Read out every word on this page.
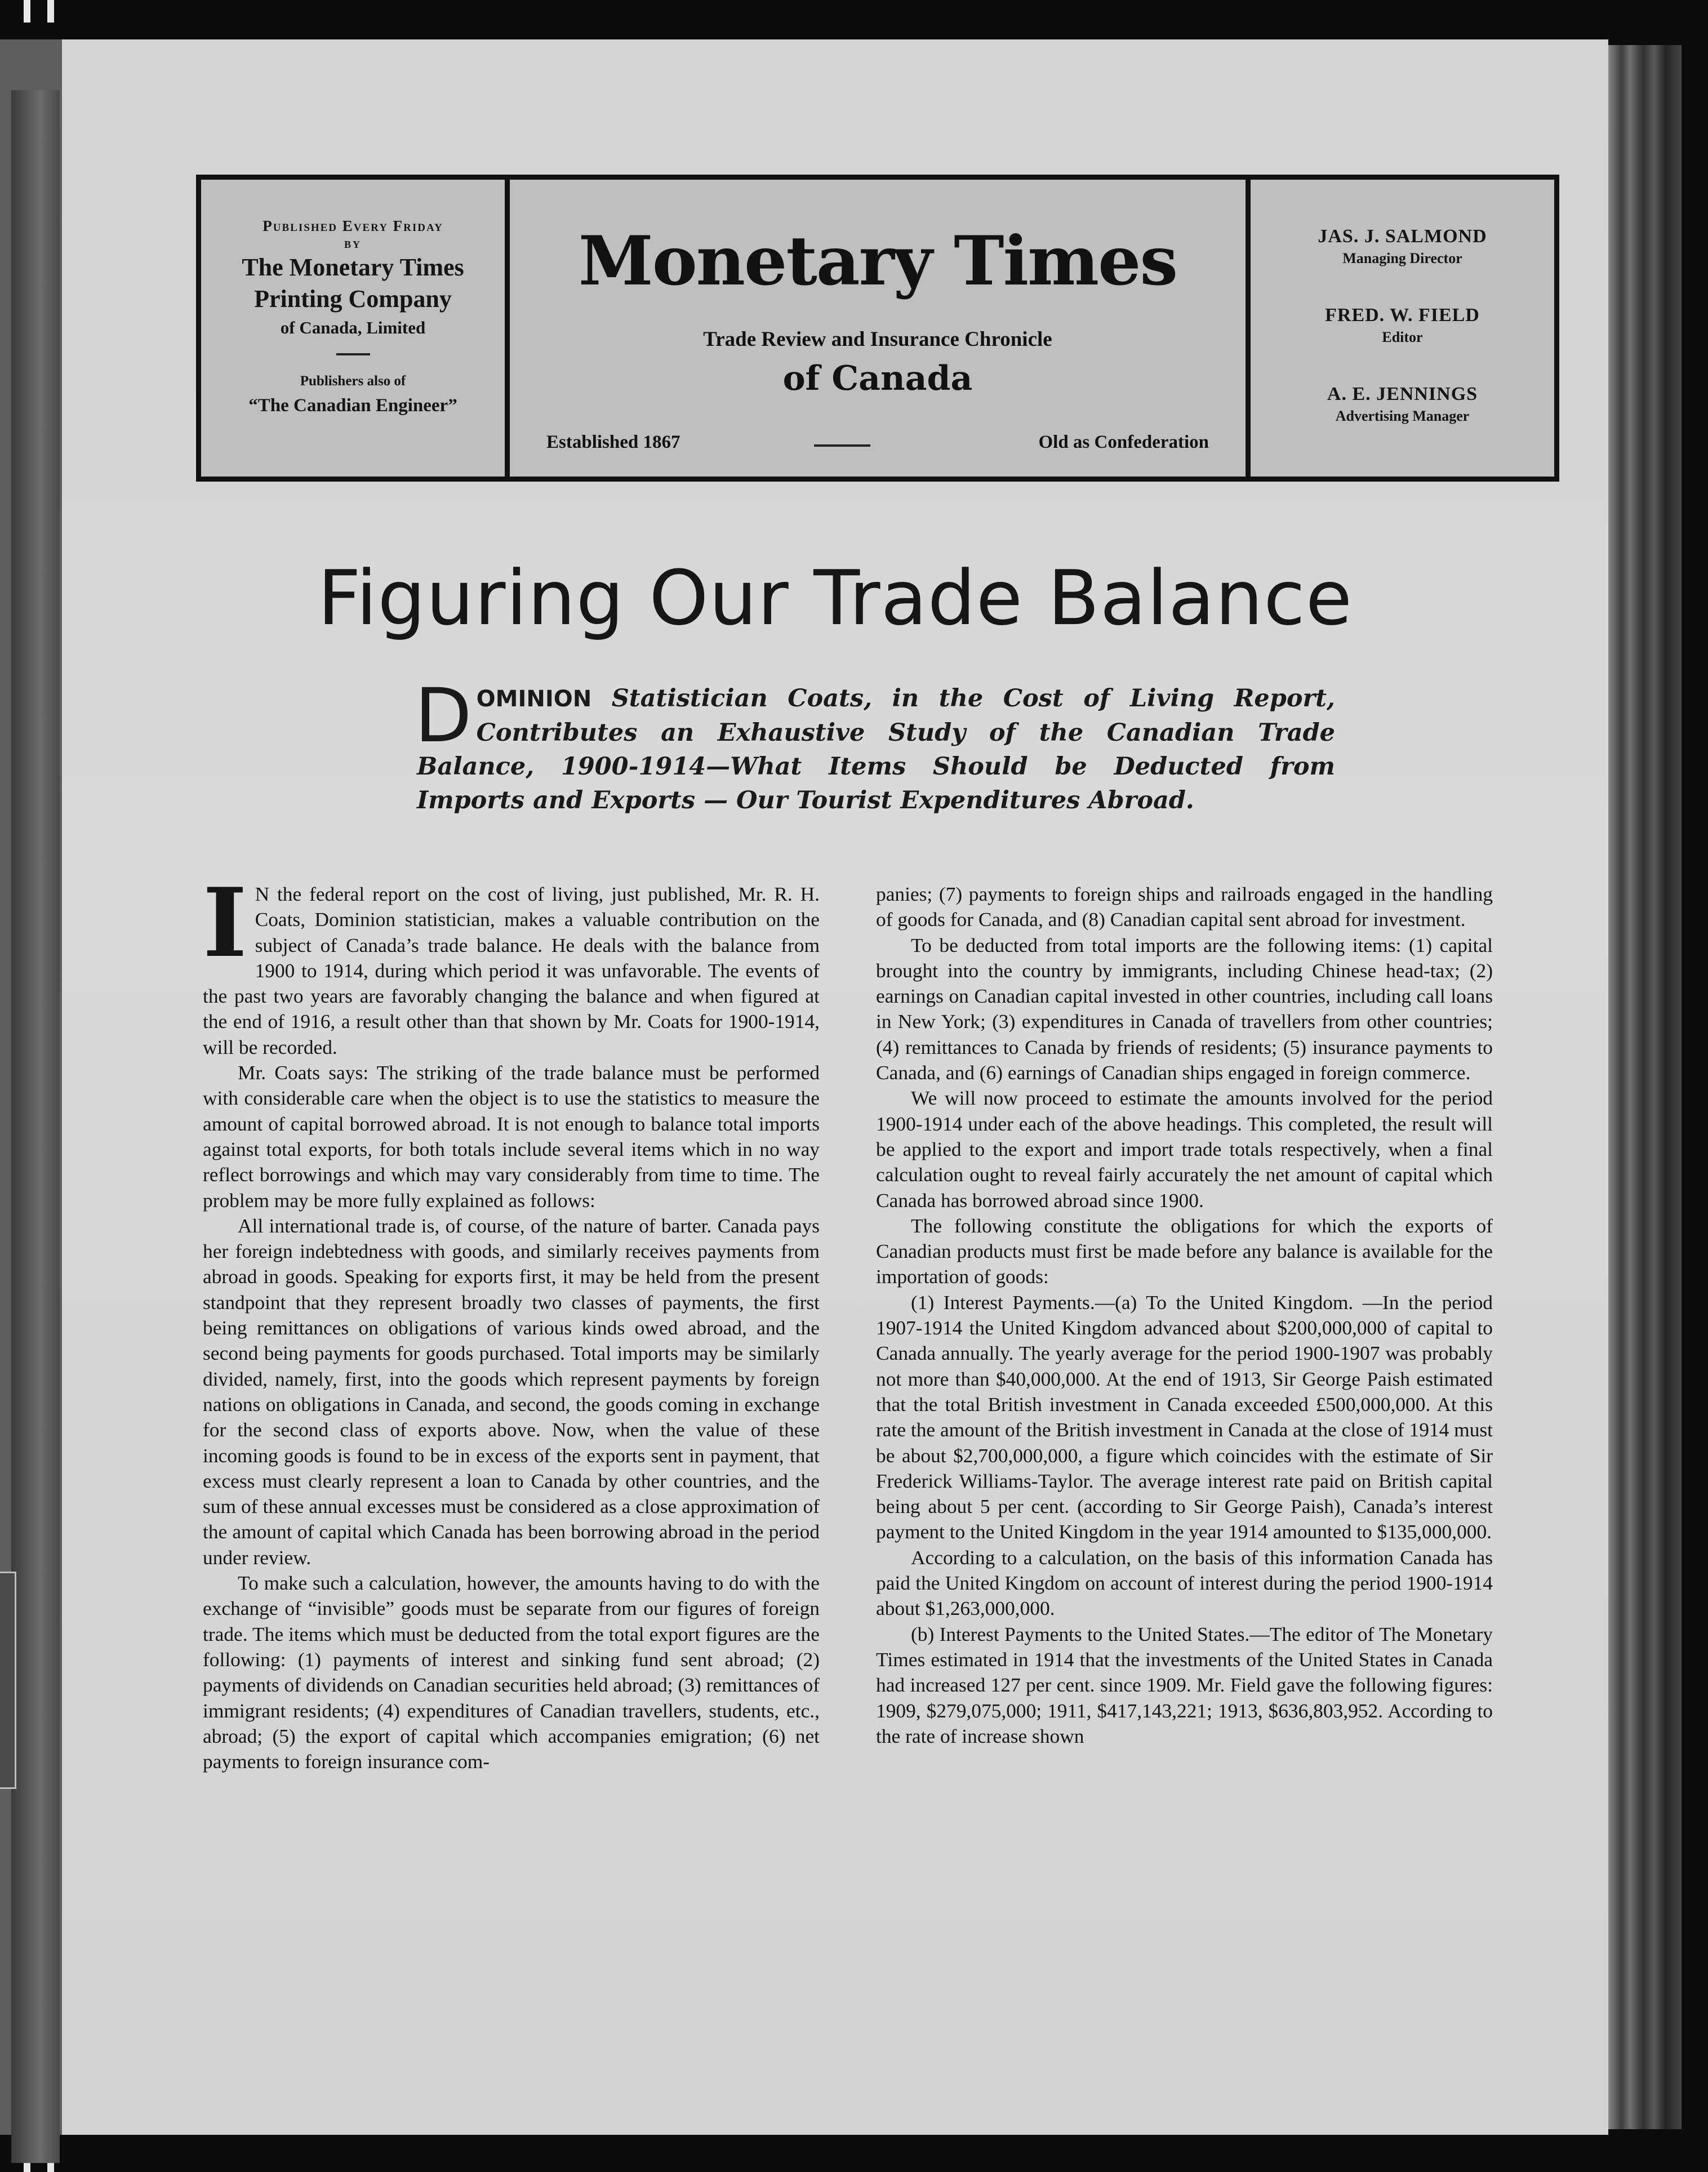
Published Every Friday
BY
The Monetary Times
Printing Company
of Canada, Limited
Publishers also of
“The Canadian Engineer”
Monetary Times
Trade Review and Insurance Chronicle
of Canada
Established 1867	Old as Confederation
JAS. J. SALMOND
Managing Director
FRED. W. FIELD
Editor
A. E. JENNINGS
Advertising Manager
Figuring Our Trade Balance
DOMINION Statistician Coats, in the Cost of Living Report, Contributes an Exhaustive Study of the Canadian Trade Balance, 1900-1914—What Items Should be Deducted from Imports and Exports — Our Tourist Expenditures Abroad.

I N the federal report on the cost of living, just published, Mr. R. H. Coats, Dominion statistician, makes a valuable contribution on the subject of Canada’s trade balance. He deals with the balance from 1900 to 1914, during which period it was unfavorable. The events of the past two years are favorably changing the balance and when figured at the end of 1916, a result other than that shown by Mr. Coats for 1900-1914, will be recorded.

Mr. Coats says: The striking of the trade balance must be performed with considerable care when the object is to use the statistics to measure the amount of capital borrowed abroad. It is not enough to balance total imports against total exports, for both totals include several items which in no way reflect borrowings and which may vary considerably from time to time. The problem may be more fully explained as follows:

All international trade is, of course, of the nature of barter. Canada pays her foreign indebtedness with goods, and similarly receives payments from abroad in goods. Speaking for exports first, it may be held from the present standpoint that they represent broadly two classes of payments, the first being remittances on obligations of various kinds owed abroad, and the second being payments for goods purchased. Total imports may be similarly divided, namely, first, into the goods which represent payments by foreign nations on obligations in Canada, and second, the goods coming in exchange for the second class of exports above. Now, when the value of these incoming goods is found to be in excess of the exports sent in payment, that excess must clearly represent a loan to Canada by other countries, and the sum of these annual excesses must be considered as a close approximation of the amount of capital which Canada has been borrowing abroad in the period under review.

To make such a calculation, however, the amounts having to do with the exchange of “invisible” goods must be separate from our figures of foreign trade. The items which must be deducted from the total export figures are the following: (1) payments of interest and sinking fund sent abroad; (2) payments of dividends on Canadian securities held abroad; (3) remittances of immigrant residents; (4) expenditures of Canadian travellers, students, etc., abroad; (5) the export of capital which accompanies emigration; (6) net payments to foreign insurance com-

panies; (7) payments to foreign ships and railroads engaged in the handling of goods for Canada, and (8) Canadian capital sent abroad for investment.

To be deducted from total imports are the following items: (1) capital brought into the country by immigrants, including Chinese head-tax; (2) earnings on Canadian capital invested in other countries, including call loans in New York; (3) expenditures in Canada of travellers from other countries; (4) remittances to Canada by friends of residents; (5) insurance payments to Canada, and (6) earnings of Canadian ships engaged in foreign commerce.

We will now proceed to estimate the amounts involved for the period 1900-1914 under each of the above headings. This completed, the result will be applied to the export and import trade totals respectively, when a final calculation ought to reveal fairly accurately the net amount of capital which Canada has borrowed abroad since 1900.

The following constitute the obligations for which the exports of Canadian products must first be made before any balance is available for the importation of goods:

(1) Interest Payments.—(a) To the United Kingdom. —In the period 1907-1914 the United Kingdom advanced about $200,000,000 of capital to Canada annually. The yearly average for the period 1900-1907 was probably not more than $40,000,000. At the end of 1913, Sir George Paish estimated that the total British investment in Canada exceeded £500,000,000. At this rate the amount of the British investment in Canada at the close of 1914 must be about $2,700,000,000, a figure which coincides with the estimate of Sir Frederick Williams-Taylor. The average interest rate paid on British capital being about 5 per cent. (according to Sir George Paish), Canada’s interest payment to the United Kingdom in the year 1914 amounted to $135,000,000.

According to a calculation, on the basis of this information Canada has paid the United Kingdom on account of interest during the period 1900-1914 about $1,263,000,000.

(b) Interest Payments to the United States.—The editor of The Monetary Times estimated in 1914 that the investments of the United States in Canada had increased 127 per cent. since 1909. Mr. Field gave the following figures: 1909, $279,075,000; 1911, $417,143,221; 1913, $636,803,952. According to the rate of increase shown
